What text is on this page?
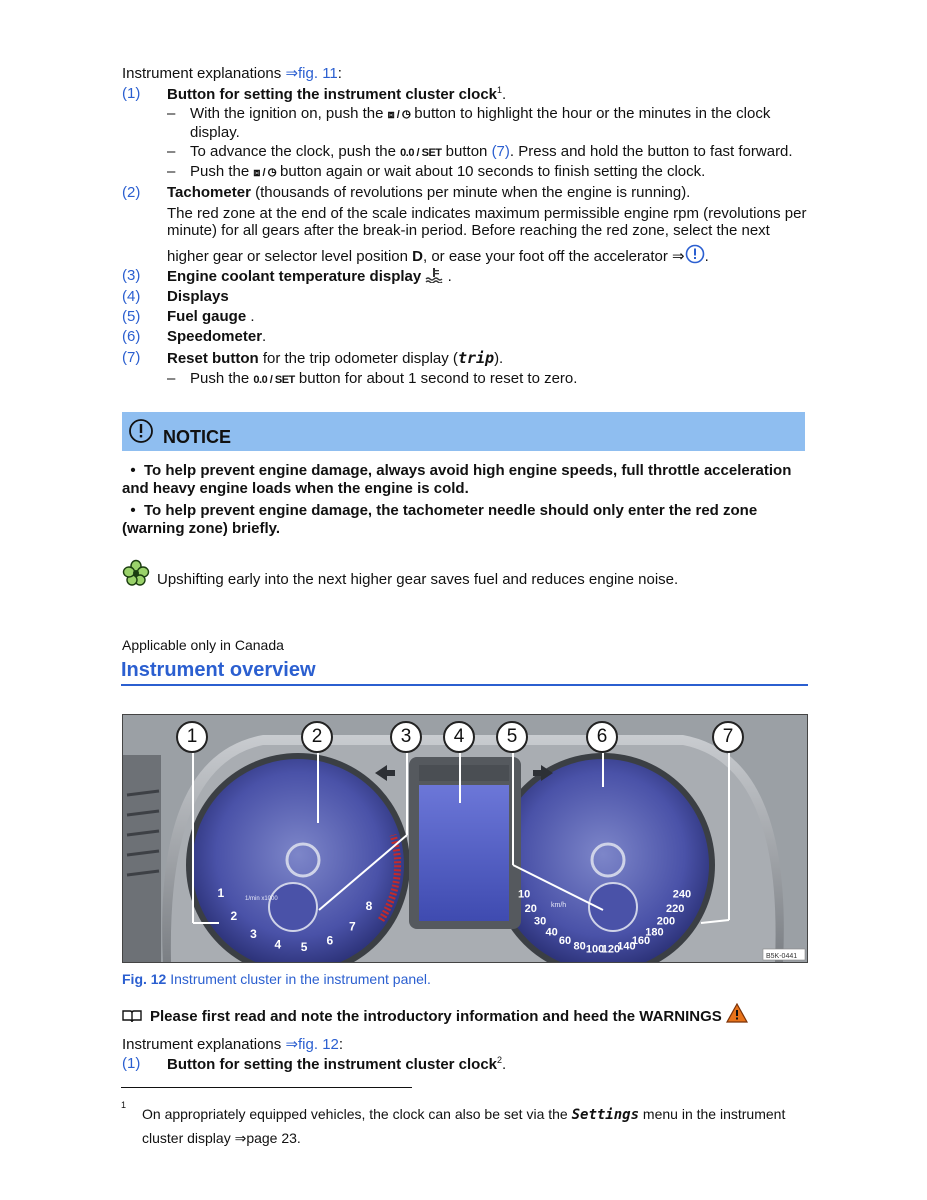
Instrument explanations ⇒fig. 11:
(1) Button for setting the instrument cluster clock$^1$.
– With the ignition on, push the ⧈ / ◷ button to highlight the hour or the minutes in the clock display.
– To advance the clock, push the 0.0 / SET button (7). Press and hold the button to fast forward.
– Push the ⧈ / ◷ button again or wait about 10 seconds to finish setting the clock.
(2) Tachometer (thousands of revolutions per minute when the engine is running).
The red zone at the end of the scale indicates maximum permissible engine rpm (revolutions per minute) for all gears after the break-in period. Before reaching the red zone, select the next
higher gear or selector level position D, or ease your foot off the accelerator ⇒ .
(3) Engine coolant temperature display  .
(4) Displays
(5) Fuel gauge .
(6) Speedometer.
(7) Reset button for the trip odometer display (trip).
– Push the 0.0 / SET button for about 1 second to reset to zero.
NOTICE
• To help prevent engine damage, always avoid high engine speeds, full throttle acceleration and heavy engine loads when the engine is cold.
• To help prevent engine damage, the tachometer needle should only enter the red zone (warning zone) briefly.
Upshifting early into the next higher gear saves fuel and reduces engine noise.
Applicable only in Canada
Instrument overview
1
2
3
4 5 6
7
8
10
20
30
40
60 80 100
120
140
160
180
200
220
240
1/min x1000
km/h
B5K-0441
1	2	3	4	5	6	7
Fig. 12 Instrument cluster in the instrument panel.
Please first read and note the introductory information and heed the WARNINGS
Instrument explanations ⇒fig. 12:
(1) Button for setting the instrument cluster clock$^2$.
1
On appropriately equipped vehicles, the clock can also be set via the Settings menu in the instrument cluster display ⇒page 23.
